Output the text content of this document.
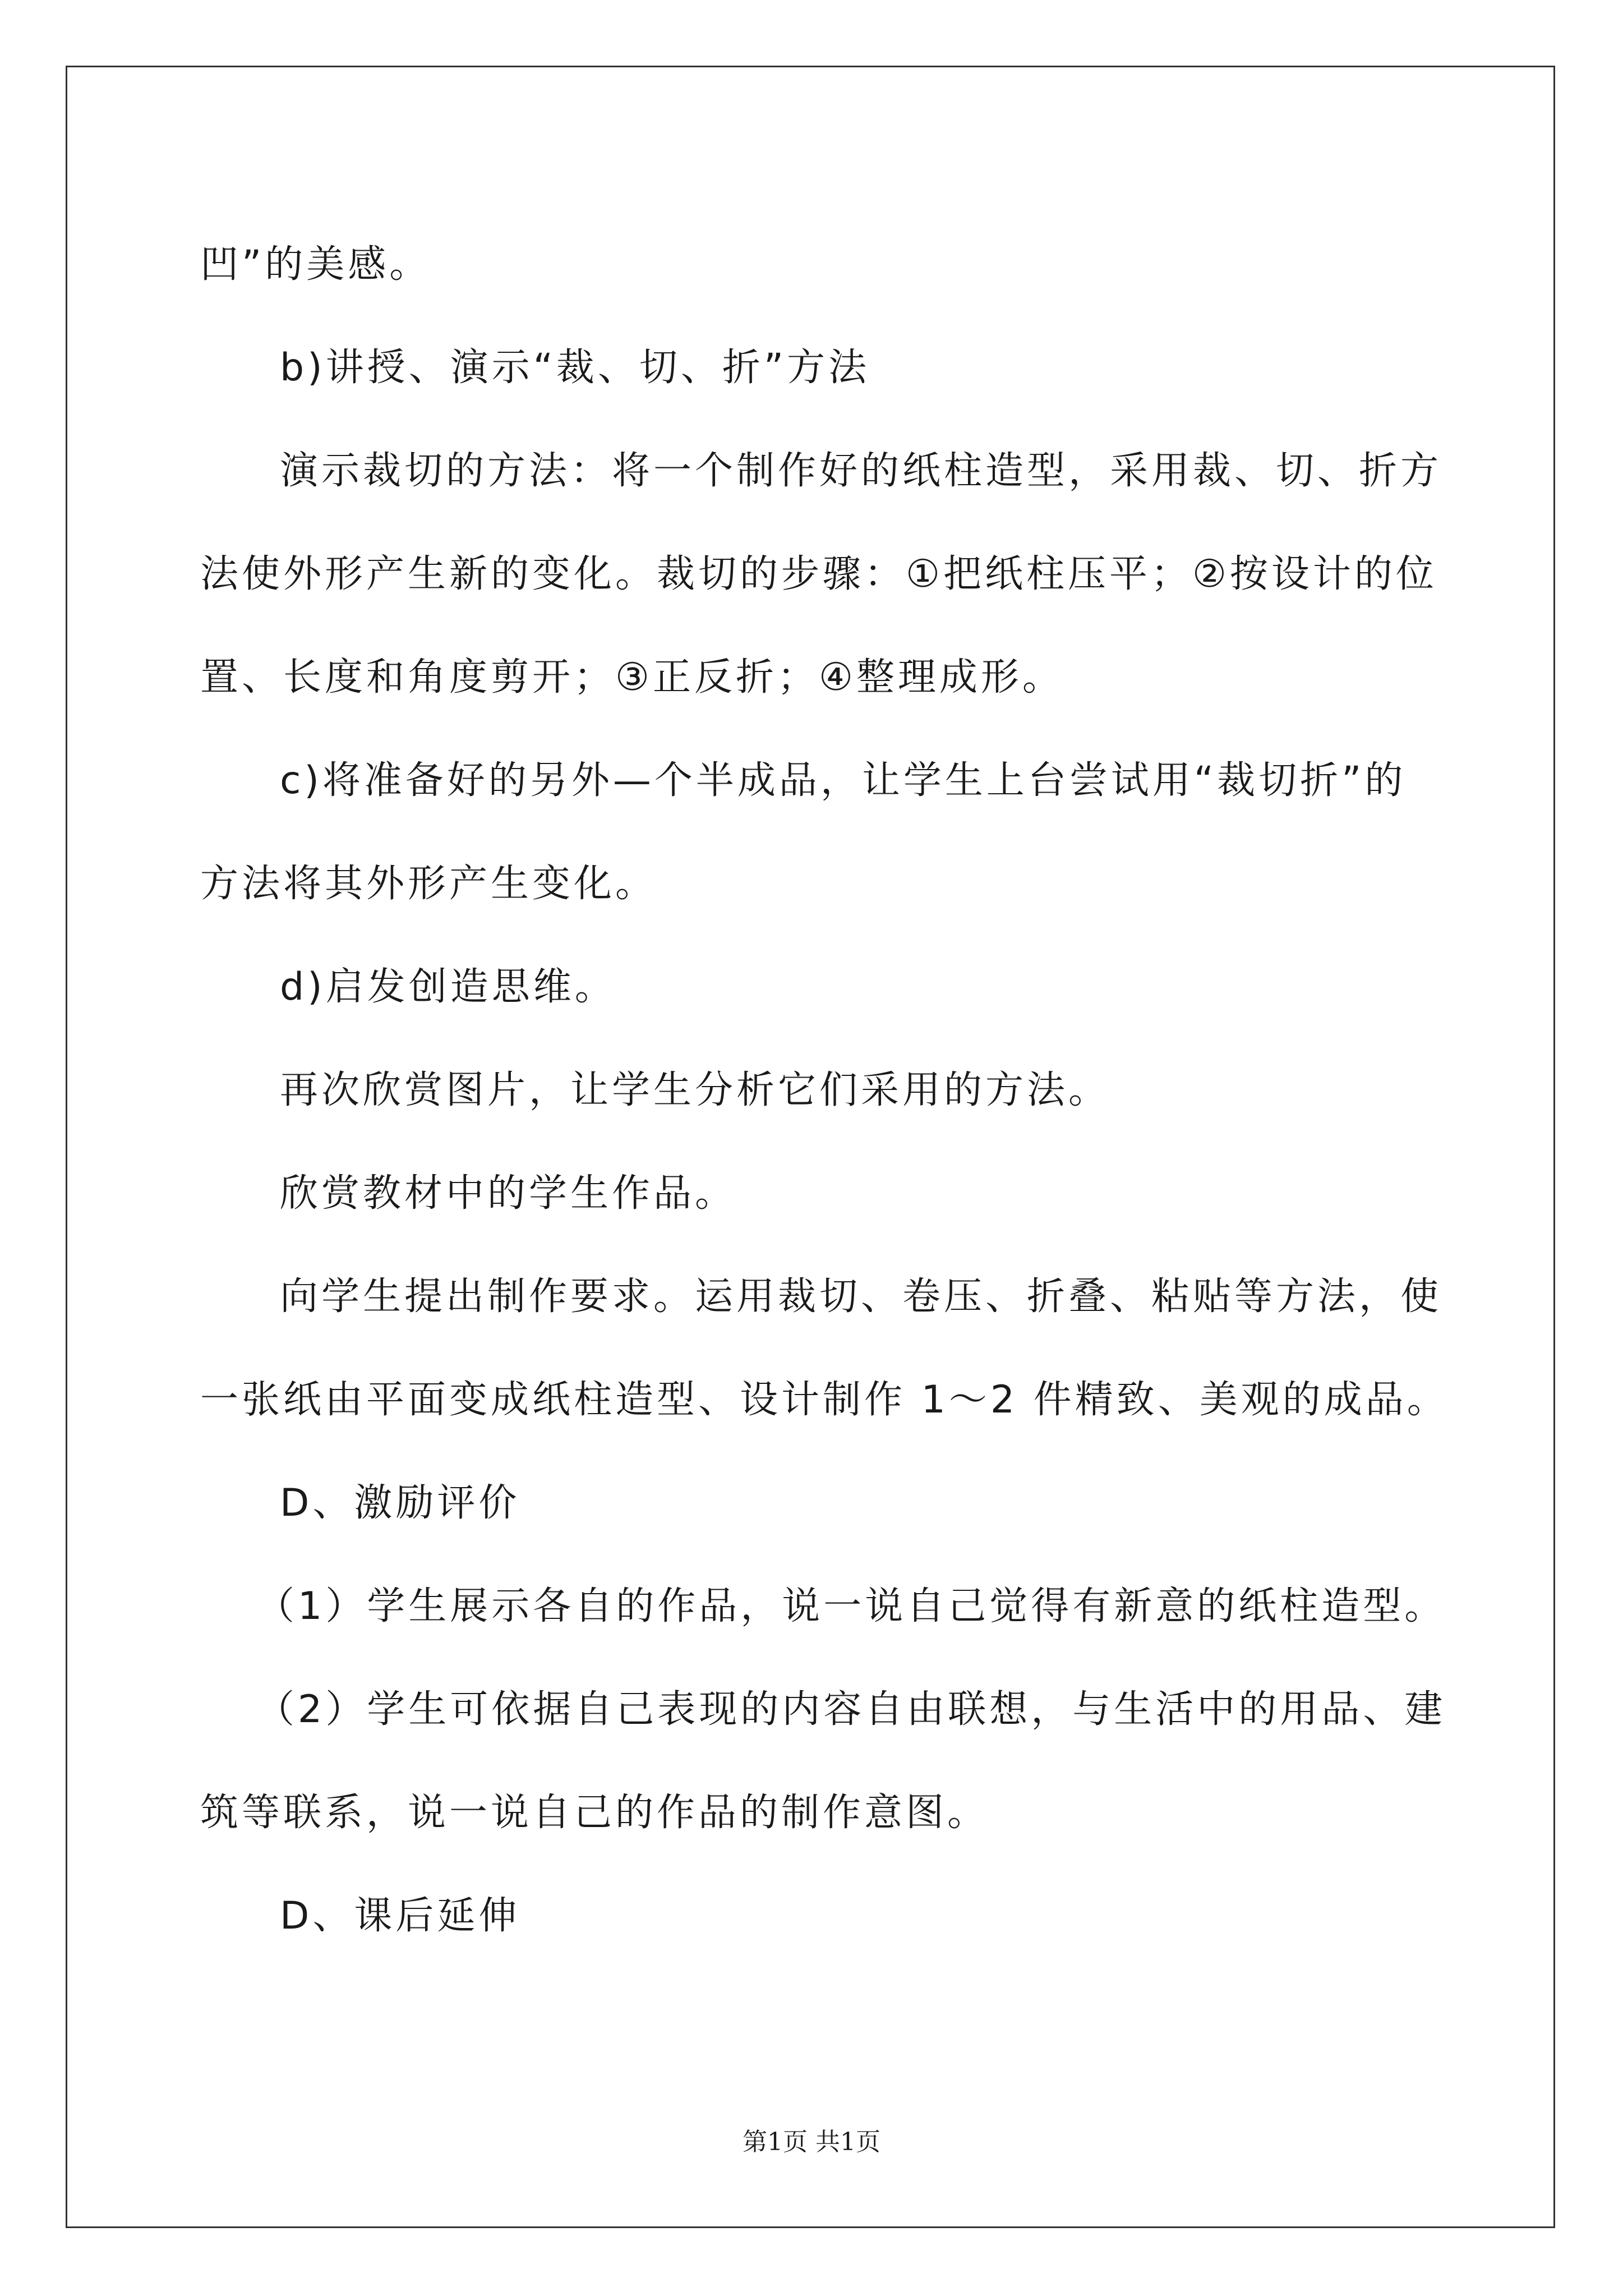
凹”的美感。
b)讲授、演示“裁、切、折”方法
演示裁切的方法：将一个制作好的纸柱造型，采用裁、切、折方
法使外形产生新的变化。裁切的步骤：①把纸柱压平；②按设计的位
置、长度和角度剪开；③正反折；④整理成形。
c)将准备好的另外—个半成品，让学生上台尝试用“裁切折”的
方法将其外形产生变化。
d)启发创造思维。
再次欣赏图片，让学生分析它们采用的方法。
欣赏教材中的学生作品。
向学生提出制作要求。运用裁切、卷压、折叠、粘贴等方法，使
一张纸由平面变成纸柱造型、设计制作 1～2 件精致、美观的成品。
D、激励评价
（1）学生展示各自的作品，说一说自己觉得有新意的纸柱造型。
（2）学生可依据自己表现的内容自由联想，与生活中的用品、建
筑等联系，说一说自己的作品的制作意图。
D、课后延伸
第1页 共1页
